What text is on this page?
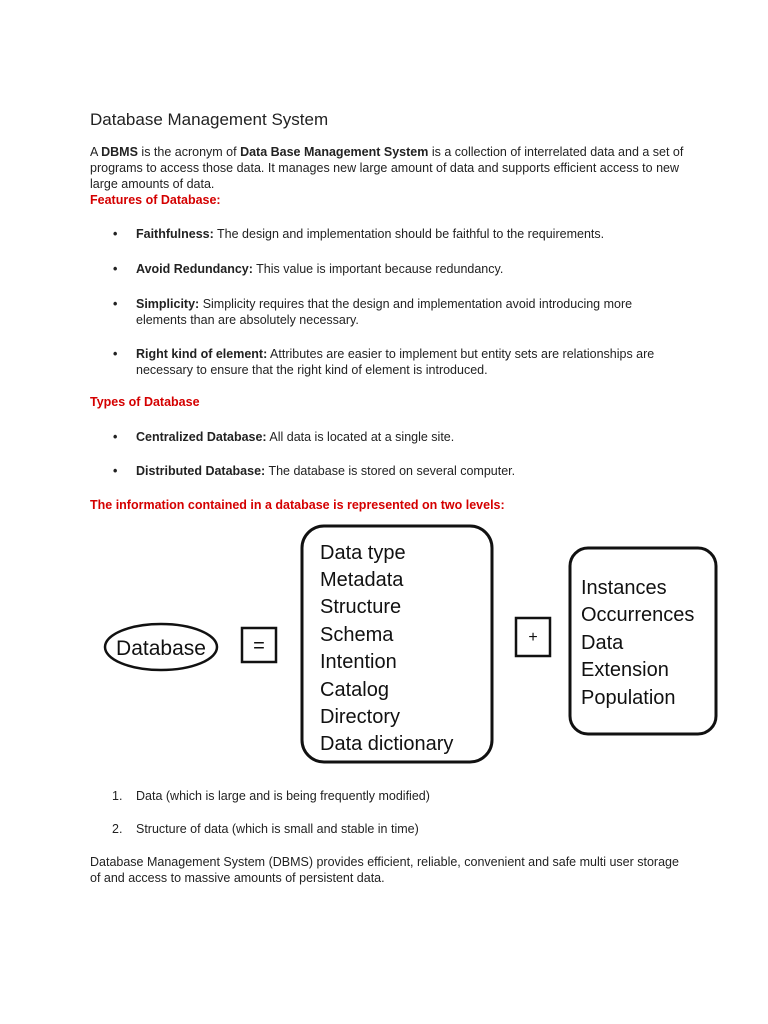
Database Management System

A DBMS is the acronym of Data Base Management System is a collection of interrelated data and a set of programs to access those data. It manages new large amount of data and supports efficient access to new large amounts of data.

Features of Database:

• Faithfulness: The design and implementation should be faithful to the requirements.

• Avoid Redundancy: This value is important because redundancy.

• Simplicity: Simplicity requires that the design and implementation avoid introducing more elements than are absolutely necessary.

• Right kind of element: Attributes are easier to implement but entity sets are relationships are necessary to ensure that the right kind of element is introduced.

Types of Database

• Centralized Database: All data is located at a single site.

• Distributed Database: The database is stored on several computer.

The information contained in a database is represented on two levels:

Database =
Data type
Metadata
Structure
Schema
Intention
Catalog
Directory
Data dictionary
+
Instances
Occurrences
Data
Extension
Population

1. Data (which is large and is being frequently modified)

2. Structure of data (which is small and stable in time)

Database Management System (DBMS) provides efficient, reliable, convenient and safe multi user storage of and access to massive amounts of persistent data.
